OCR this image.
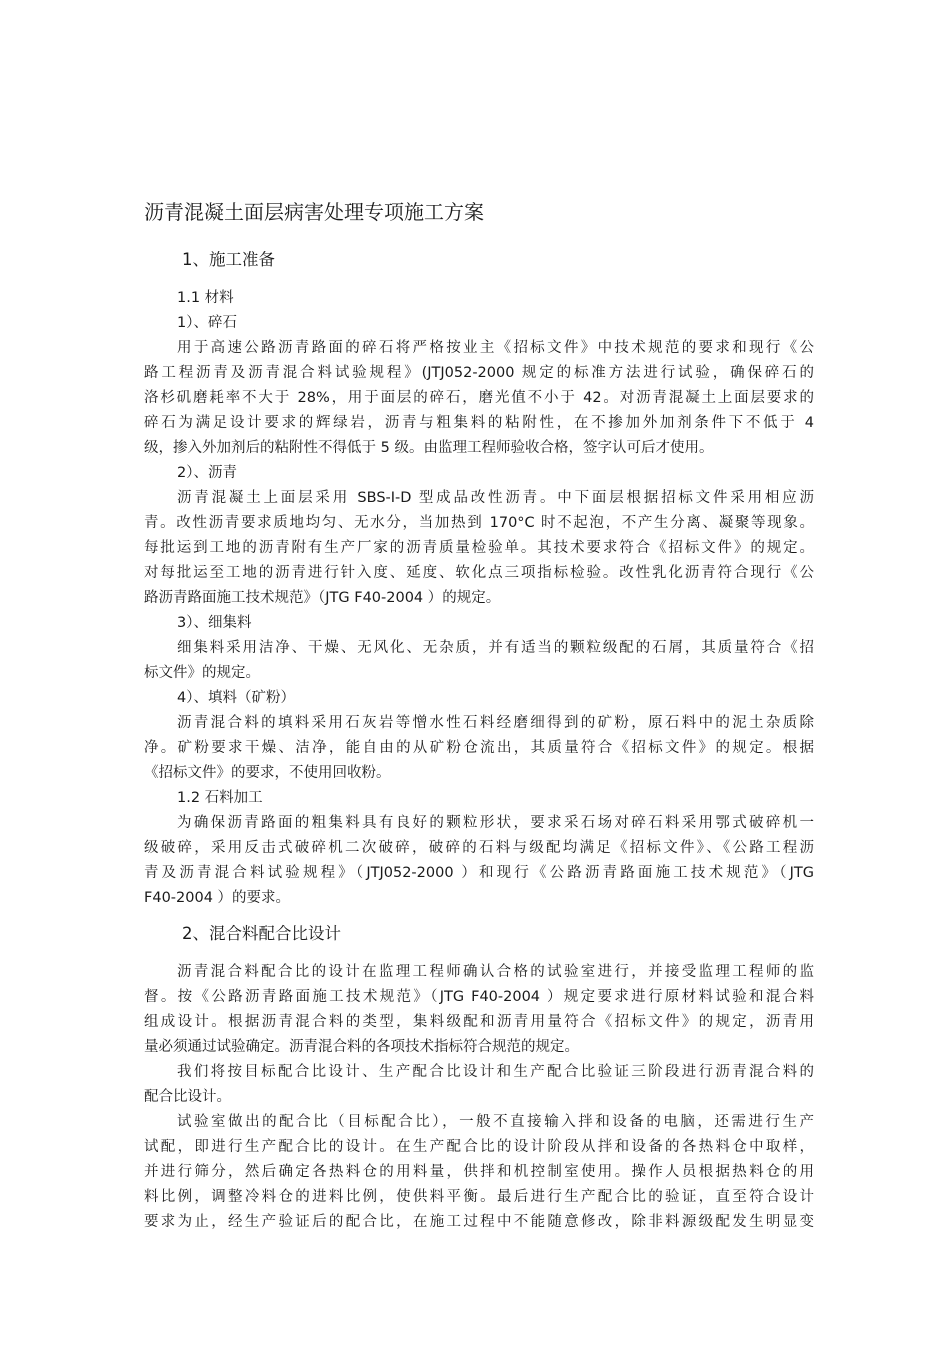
沥青混凝土面层病害处理专项施工方案
1、施工准备
1.1 材料
1）、碎石
用于高速公路沥青路面的碎石将严格按业主《招标文件》中技术规范的要求和现行《公
路工程沥青及沥青混合料试验规程》(JTJ052-2000 规定的标准方法进行试验，确保碎石的
洛杉矶磨耗率不大于 28%，用于面层的碎石，磨光值不小于 42。对沥青混凝土上面层要求的
碎石为满足设计要求的辉绿岩，沥青与粗集料的粘附性，在不掺加外加剂条件下不低于 4
级，掺入外加剂后的粘附性不得低于 5 级。由监理工程师验收合格，签字认可后才使用。
2）、沥青
沥青混凝土上面层采用 SBS-I-D 型成品改性沥青。中下面层根据招标文件采用相应沥
青。改性沥青要求质地均匀、无水分，当加热到 170°C 时不起泡，不产生分离、凝聚等现象。
每批运到工地的沥青附有生产厂家的沥青质量检验单。其技术要求符合《招标文件》的规定。
对每批运至工地的沥青进行针入度、延度、软化点三项指标检验。改性乳化沥青符合现行《公
路沥青路面施工技术规范》（JTG F40-2004 ）的规定。
3）、细集料
细集料采用洁净、干燥、无风化、无杂质，并有适当的颗粒级配的石屑，其质量符合《招
标文件》的规定。
4）、填料（矿粉）
沥青混合料的填料采用石灰岩等憎水性石料经磨细得到的矿粉，原石料中的泥土杂质除
净。矿粉要求干燥、洁净，能自由的从矿粉仓流出，其质量符合《招标文件》的规定。根据
《招标文件》的要求，不使用回收粉。
1.2 石料加工
为确保沥青路面的粗集料具有良好的颗粒形状，要求采石场对碎石料采用鄂式破碎机一
级破碎，采用反击式破碎机二次破碎，破碎的石料与级配均满足《招标文件》、《公路工程沥
青及沥青混合料试验规程》（JTJ052-2000 ）和现行《公路沥青路面施工技术规范》（JTG
F40-2004 ）的要求。
2、混合料配合比设计
沥青混合料配合比的设计在监理工程师确认合格的试验室进行，并接受监理工程师的监
督。按《公路沥青路面施工技术规范》（JTG F40-2004 ）规定要求进行原材料试验和混合料
组成设计。根据沥青混合料的类型，集料级配和沥青用量符合《招标文件》的规定，沥青用
量必须通过试验确定。沥青混合料的各项技术指标符合规范的规定。
我们将按目标配合比设计、生产配合比设计和生产配合比验证三阶段进行沥青混合料的
配合比设计。
试验室做出的配合比（目标配合比），一般不直接输入拌和设备的电脑，还需进行生产
试配，即进行生产配合比的设计。在生产配合比的设计阶段从拌和设备的各热料仓中取样，
并进行筛分，然后确定各热料仓的用料量，供拌和机控制室使用。操作人员根据热料仓的用
料比例，调整冷料仓的进料比例，使供料平衡。最后进行生产配合比的验证，直至符合设计
要求为止，经生产验证后的配合比，在施工过程中不能随意修改，除非料源级配发生明显变
